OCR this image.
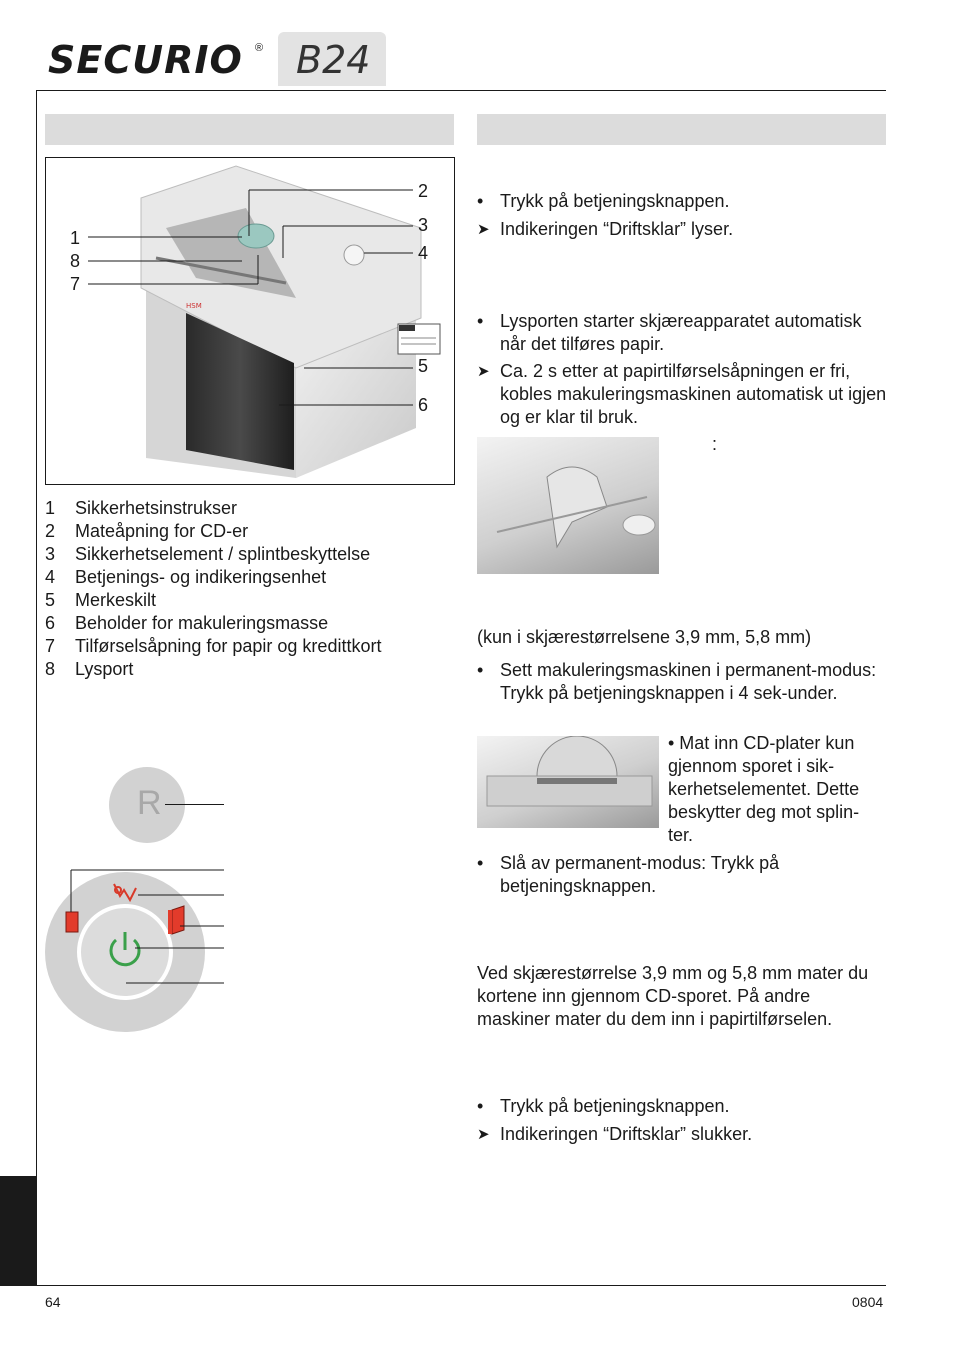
SECURIO ® B24
HSM
1
8
7
2
3
4
5
6
1 Sikkerhetsinstrukser
2 Mateåpning for CD-er
3 Sikkerhetselement / splintbeskyttelse
4 Betjenings- og indikeringsenhet
5 Merkeskilt
6 Beholder for makuleringsmasse
7 Tilførselsåpning for papir og kredittkort
8 Lysport
R
• Trykk på betjeningsknappen.
➤ Indikeringen “Driftsklar” lyser.
• Lysporten starter skjæreapparatet automatisk når det tilføres papir.
➤ Ca. 2 s etter at papirtilførselsåpningen er fri, kobles makuleringsmaskinen automatisk ut igjen og er klar til bruk.
:
(kun i skjærestørrelsene 3,9 mm, 5,8 mm)
• Sett makuleringsmaskinen i permanent-modus: Trykk på betjeningsknappen i 4 sek-under.
• Mat inn CD-plater kun gjennom sporet i sik-kerhetselementet. Dette beskytter deg mot splin-ter.
• Slå av permanent-modus: Trykk på betjeningsknappen.
Ved skjærestørrelse 3,9 mm og 5,8 mm mater du kortene inn gjennom CD-sporet. På andre maskiner mater du dem inn i papirtilførselen.
• Trykk på betjeningsknappen.
➤ Indikeringen “Driftsklar” slukker.
64	0804
